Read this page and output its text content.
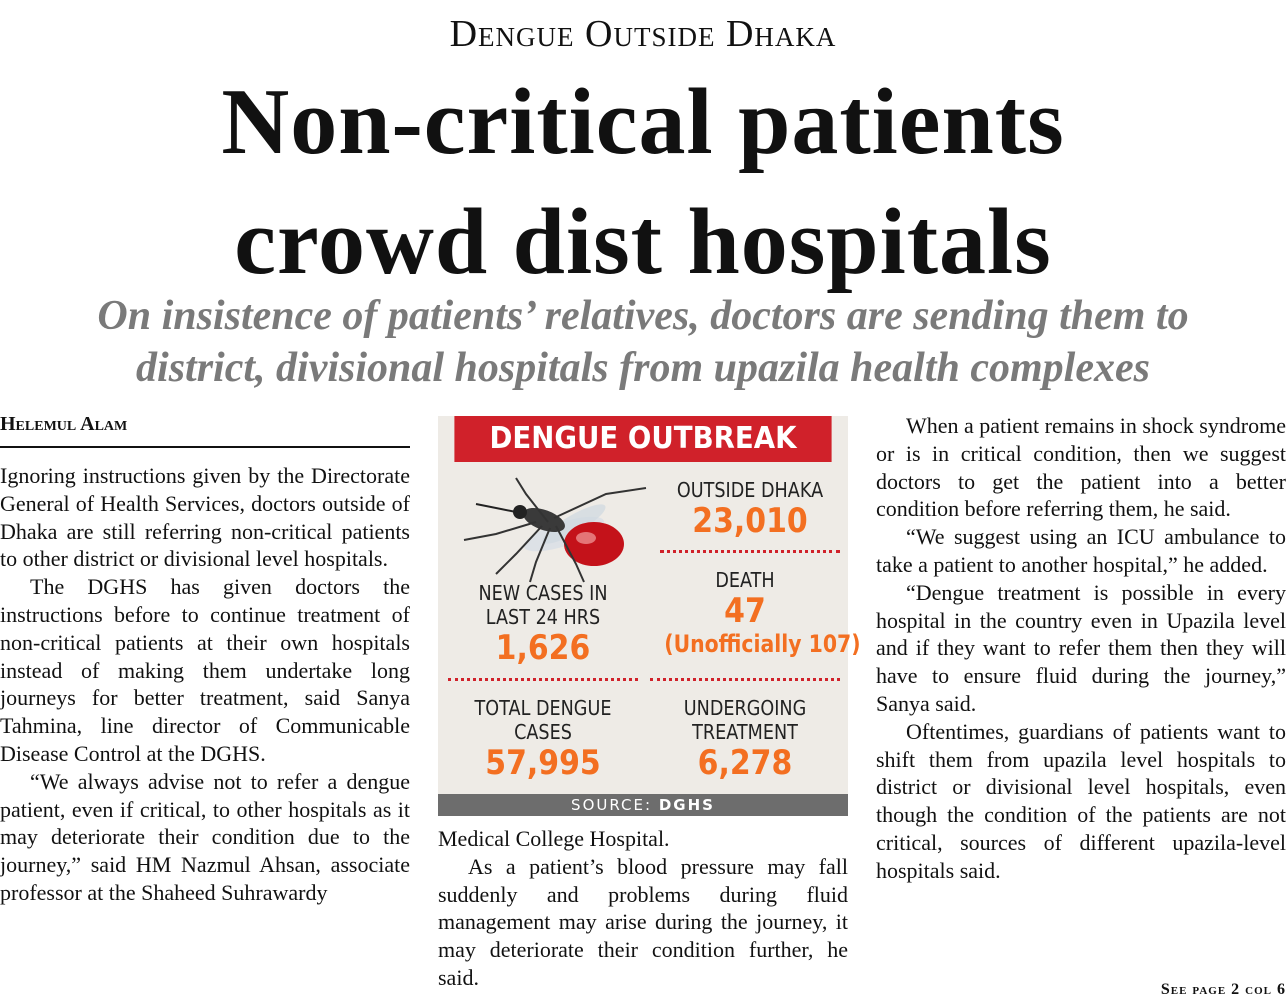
Dengue Outside Dhaka
Non-critical patients
crowd dist hospitals
On insistence of patients’ relatives, doctors are sending them to
district, divisional hospitals from upazila health complexes
Helemul Alam

Ignoring instructions given by the Directorate General of Health Services, doctors outside of Dhaka are still referring non-critical patients to other district or divisional level hospitals.

The DGHS has given doctors the instructions before to continue treatment of non-critical patients at their own hospitals instead of making them undertake long journeys for better treatment, said Sanya Tahmina, line director of Communicable Disease Control at the DGHS.

“We always advise not to refer a dengue patient, even if critical, to other hospitals as it may deteriorate their condition due to the journey,” said HM Nazmul Ahsan, associate professor at the Shaheed Suhrawardy

DENGUE OUTBREAK
OUTSIDE DHAKA
23,010
NEW CASES IN LAST 24 HRS
1,626
DEATH
47
(Unofficially 107)
TOTAL DENGUE CASES
57,995
UNDERGOING TREATMENT
6,278
SOURCE: DGHS

Medical College Hospital.

As a patient’s blood pressure may fall suddenly and problems during fluid management may arise during the journey, it may deteriorate their condition further, he said.

When a patient remains in shock syndrome or is in critical condition, then we suggest doctors to get the patient into a better condition before referring them, he said.

“We suggest using an ICU ambulance to take a patient to another hospital,” he added.

“Dengue treatment is possible in every hospital in the country even in Upazila level and if they want to refer them then they will have to ensure fluid during the journey,” Sanya said.

Oftentimes, guardians of patients want to shift them from upazila level hospitals to district or divisional level hospitals, even though the condition of the patients are not critical, sources of different upazila-level hospitals said.

See page 2 col 6
